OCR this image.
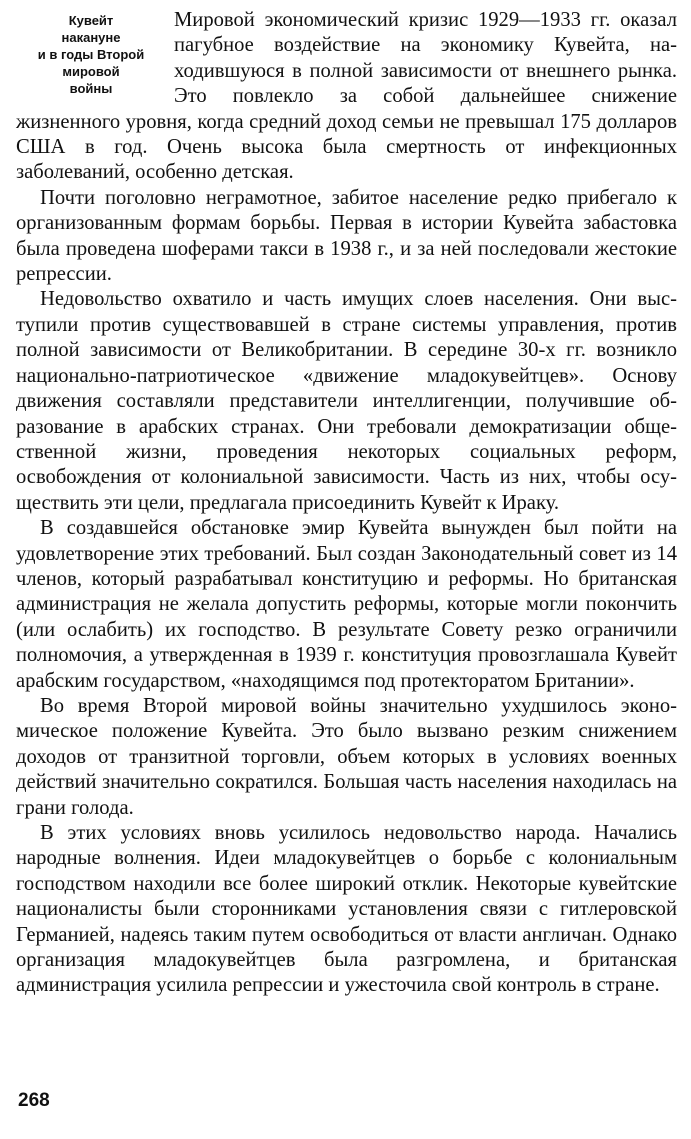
Кувейт
накануне
и в годы Второй
мировой
войны

Мировой экономический кризис 1929—1933 гг. оказал пагубное воздействие на экономику Кувейта, находившуюся в полной зависимости от внешнего рынка. Это повлекло за собой дальнейшее снижение жизненного уровня, когда средний доход семьи не превышал 175 долларов США в год. Очень высока была смертность от инфекционных заболеваний, особенно детская.

Почти поголовно неграмотное, забитое население редко прибегало к организованным формам борьбы. Первая в истории Кувейта забастовка была проведена шоферами такси в 1938 г., и за ней последовали жестокие репрессии.

Недовольство охватило и часть имущих слоев населения. Они выступили против существовавшей в стране системы управления, против полной зависимости от Великобритании. В середине 30-х гг. возникло национально-патриотическое «движение младокувейтцев». Основу движения составляли представители интеллигенции, получившие образование в арабских странах. Они требовали демократизации общественной жизни, проведения некоторых социальных реформ, освобождения от колониальной зависимости. Часть из них, чтобы осуществить эти цели, предлагала присоединить Кувейт к Ираку.

В создавшейся обстановке эмир Кувейта вынужден был пойти на удовлетворение этих требований. Был создан Законодательный совет из 14 членов, который разрабатывал конституцию и реформы. Но британская администрация не желала допустить реформы, которые могли покончить (или ослабить) их господство. В результате Совету резко ограничили полномочия, а утвержденная в 1939 г. конституция провозглашала Кувейт арабским государством, «находящимся под протекторатом Британии».

Во время Второй мировой войны значительно ухудшилось экономическое положение Кувейта. Это было вызвано резким снижением доходов от транзитной торговли, объем которых в условиях военных действий значительно сократился. Большая часть населения находилась на грани голода.

В этих условиях вновь усилилось недовольство народа. Начались народные волнения. Идеи младокувейтцев о борьбе с колониальным господством находили все более широкий отклик. Некоторые кувейтские националисты были сторонниками установления связи с гитлеровской Германией, надеясь таким путем освободиться от власти англичан. Однако организация младокувейтцев была разгромлена, и британская администрация усилила репрессии и ужесточила свой контроль в стране.

268
